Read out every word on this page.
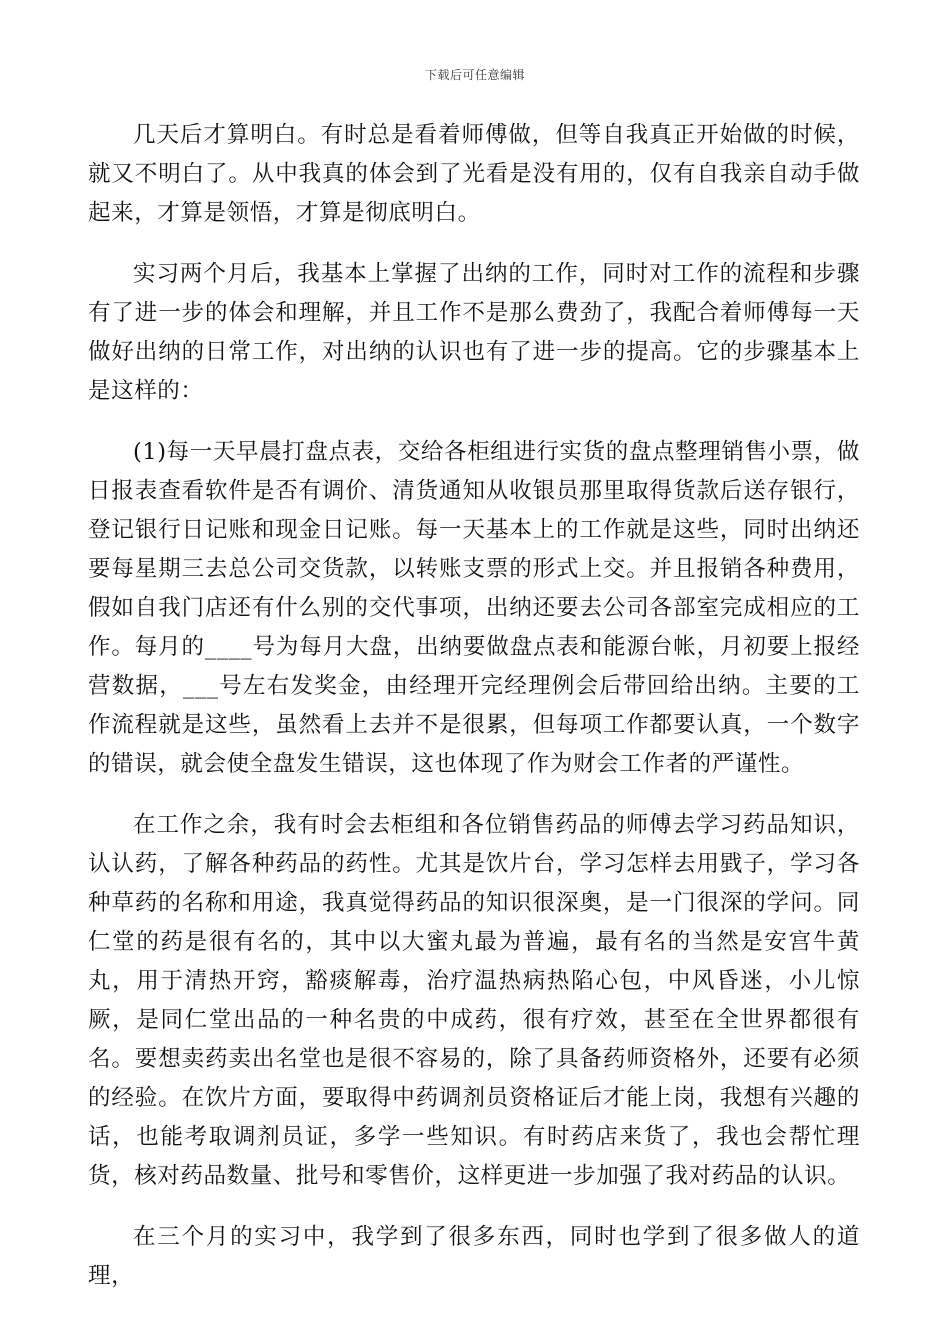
下载后可任意编辑

几天后才算明白。有时总是看着师傅做，但等自我真正开始做的时候，就又不明白了。从中我真的体会到了光看是没有用的，仅有自我亲自动手做起来，才算是领悟，才算是彻底明白。

实习两个月后，我基本上掌握了出纳的工作，同时对工作的流程和步骤有了进一步的体会和理解，并且工作不是那么费劲了，我配合着师傅每一天做好出纳的日常工作，对出纳的认识也有了进一步的提高。它的步骤基本上是这样的：

(1)每一天早晨打盘点表，交给各柜组进行实货的盘点整理销售小票，做日报表查看软件是否有调价、清货通知从收银员那里取得货款后送存银行，登记银行日记账和现金日记账。每一天基本上的工作就是这些，同时出纳还要每星期三去总公司交货款，以转账支票的形式上交。并且报销各种费用，假如自我门店还有什么别的交代事项，出纳还要去公司各部室完成相应的工作。每月的____号为每月大盘，出纳要做盘点表和能源台帐，月初要上报经营数据，___号左右发奖金，由经理开完经理例会后带回给出纳。主要的工作流程就是这些，虽然看上去并不是很累，但每项工作都要认真，一个数字的错误，就会使全盘发生错误，这也体现了作为财会工作者的严谨性。

在工作之余，我有时会去柜组和各位销售药品的师傅去学习药品知识，认认药，了解各种药品的药性。尤其是饮片台，学习怎样去用戥子，学习各种草药的名称和用途，我真觉得药品的知识很深奥，是一门很深的学问。同仁堂的药是很有名的，其中以大蜜丸最为普遍，最有名的当然是安宫牛黄丸，用于清热开窍，豁痰解毒，治疗温热病热陷心包，中风昏迷，小儿惊厥，是同仁堂出品的一种名贵的中成药，很有疗效，甚至在全世界都很有名。要想卖药卖出名堂也是很不容易的，除了具备药师资格外，还要有必须的经验。在饮片方面，要取得中药调剂员资格证后才能上岗，我想有兴趣的话，也能考取调剂员证，多学一些知识。有时药店来货了，我也会帮忙理货，核对药品数量、批号和零售价，这样更进一步加强了我对药品的认识。

在三个月的实习中，我学到了很多东西，同时也学到了很多做人的道理，
